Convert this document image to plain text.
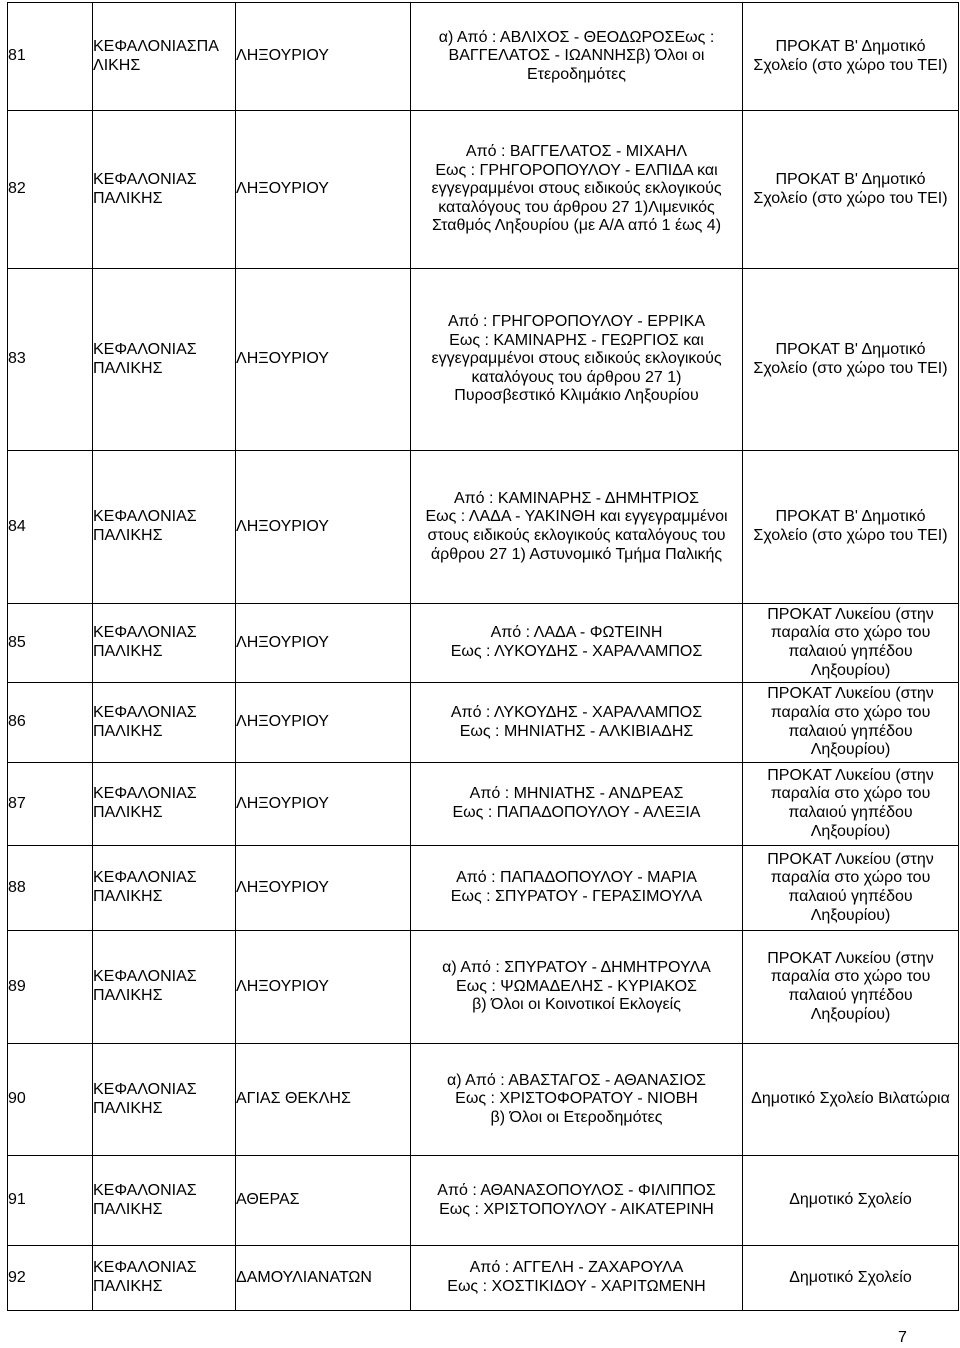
81	ΚΕΦΑΛΟΝΙΑΣΠΑ
ΛΙΚΗΣ	ΛΗΞΟΥΡΙΟΥ	α) Από : ΑΒΛΙΧΟΣ - ΘΕΟΔΩΡΟΣΕως :
ΒΑΓΓΕΛΑΤΟΣ - ΙΩΑΝΝΗΣβ) Όλοι οι
Ετεροδημότες	ΠΡΟΚΑΤ Β' Δημοτικό
Σχολείο (στο χώρο του ΤΕΙ)
82	ΚΕΦΑΛΟΝΙΑΣ
ΠΑΛΙΚΗΣ	ΛΗΞΟΥΡΙΟΥ	Από : ΒΑΓΓΕΛΑΤΟΣ - ΜΙΧΑΗΛ
Εως : ΓΡΗΓΟΡΟΠΟΥΛΟΥ - ΕΛΠΙΔΑ και
εγγεγραμμένοι στους ειδικούς εκλογικούς
καταλόγους του άρθρου 27 1)Λιμενικός
Σταθμός Ληξουρίου (με Α/Α από 1 έως 4)	ΠΡΟΚΑΤ Β' Δημοτικό
Σχολείο (στο χώρο του ΤΕΙ)
83	ΚΕΦΑΛΟΝΙΑΣ
ΠΑΛΙΚΗΣ	ΛΗΞΟΥΡΙΟΥ	Από : ΓΡΗΓΟΡΟΠΟΥΛΟΥ - ΕΡΡΙΚΑ
Εως : ΚΑΜΙΝΑΡΗΣ - ΓΕΩΡΓΙΟΣ και
εγγεγραμμένοι στους ειδικούς εκλογικούς
καταλόγους του άρθρου 27 1)
Πυροσβεστικό Κλιμάκιο Ληξουρίου	ΠΡΟΚΑΤ Β' Δημοτικό
Σχολείο (στο χώρο του ΤΕΙ)
84	ΚΕΦΑΛΟΝΙΑΣ
ΠΑΛΙΚΗΣ	ΛΗΞΟΥΡΙΟΥ	Από : ΚΑΜΙΝΑΡΗΣ - ΔΗΜΗΤΡΙΟΣ
Εως : ΛΑΔΑ - ΥΑΚΙΝΘΗ και εγγεγραμμένοι
στους ειδικούς εκλογικούς καταλόγους του
άρθρου 27 1) Αστυνομικό Τμήμα Παλικής	ΠΡΟΚΑΤ Β' Δημοτικό
Σχολείο (στο χώρο του ΤΕΙ)
85	ΚΕΦΑΛΟΝΙΑΣ
ΠΑΛΙΚΗΣ	ΛΗΞΟΥΡΙΟΥ	Από : ΛΑΔΑ - ΦΩΤΕΙΝΗ
Εως : ΛΥΚΟΥΔΗΣ - ΧΑΡΑΛΑΜΠΟΣ	ΠΡΟΚΑΤ Λυκείου (στην
παραλία στο χώρο του
παλαιού γηπέδου
Ληξουρίου)
86	ΚΕΦΑΛΟΝΙΑΣ
ΠΑΛΙΚΗΣ	ΛΗΞΟΥΡΙΟΥ	Από : ΛΥΚΟΥΔΗΣ - ΧΑΡΑΛΑΜΠΟΣ
Εως : ΜΗΝΙΑΤΗΣ - ΑΛΚΙΒΙΑΔΗΣ	ΠΡΟΚΑΤ Λυκείου (στην
παραλία στο χώρο του
παλαιού γηπέδου
Ληξουρίου)
87	ΚΕΦΑΛΟΝΙΑΣ
ΠΑΛΙΚΗΣ	ΛΗΞΟΥΡΙΟΥ	Από : ΜΗΝΙΑΤΗΣ - ΑΝΔΡΕΑΣ
Εως : ΠΑΠΑΔΟΠΟΥΛΟΥ - ΑΛΕΞΙΑ	ΠΡΟΚΑΤ Λυκείου (στην
παραλία στο χώρο του
παλαιού γηπέδου
Ληξουρίου)
88	ΚΕΦΑΛΟΝΙΑΣ
ΠΑΛΙΚΗΣ	ΛΗΞΟΥΡΙΟΥ	Από : ΠΑΠΑΔΟΠΟΥΛΟΥ - ΜΑΡΙΑ
Εως : ΣΠΥΡΑΤΟΥ - ΓΕΡΑΣΙΜΟΥΛΑ	ΠΡΟΚΑΤ Λυκείου (στην
παραλία στο χώρο του
παλαιού γηπέδου
Ληξουρίου)
89	ΚΕΦΑΛΟΝΙΑΣ
ΠΑΛΙΚΗΣ	ΛΗΞΟΥΡΙΟΥ	α) Από : ΣΠΥΡΑΤΟΥ - ΔΗΜΗΤΡΟΥΛΑ
Εως : ΨΩΜΑΔΕΛΗΣ - ΚΥΡΙΑΚΟΣ
β) Όλοι οι Κοινοτικοί Εκλογείς	ΠΡΟΚΑΤ Λυκείου (στην
παραλία στο χώρο του
παλαιού γηπέδου
Ληξουρίου)
90	ΚΕΦΑΛΟΝΙΑΣ
ΠΑΛΙΚΗΣ	ΑΓΙΑΣ ΘΕΚΛΗΣ	α) Από : ΑΒΑΣΤΑΓΟΣ - ΑΘΑΝΑΣΙΟΣ
Εως : ΧΡΙΣΤΟΦΟΡΑΤΟΥ - ΝΙΟΒΗ
β) Όλοι οι Ετεροδημότες	Δημοτικό Σχολείο Βιλατώρια
91	ΚΕΦΑΛΟΝΙΑΣ
ΠΑΛΙΚΗΣ	ΑΘΕΡΑΣ	Από : ΑΘΑΝΑΣΟΠΟΥΛΟΣ - ΦΙΛΙΠΠΟΣ
Εως : ΧΡΙΣΤΟΠΟΥΛΟΥ - ΑΙΚΑΤΕΡΙΝΗ	Δημοτικό Σχολείο
92	ΚΕΦΑΛΟΝΙΑΣ
ΠΑΛΙΚΗΣ	ΔΑΜΟΥΛΙΑΝΑΤΩΝ	Από : ΑΓΓΕΛΗ - ΖΑΧΑΡΟΥΛΑ
Εως : ΧΟΣΤΙΚΙΔΟΥ - ΧΑΡΙΤΩΜΕΝΗ	Δημοτικό Σχολείο
7
